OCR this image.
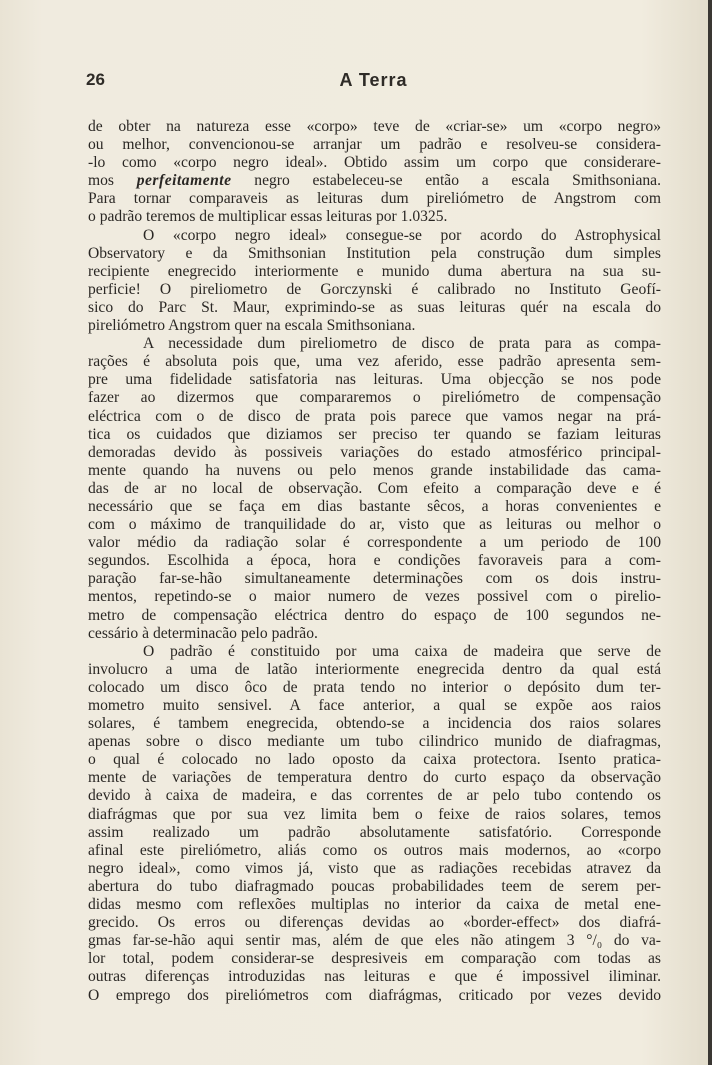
26	A Terra
de obter na natureza esse «corpo» teve de «criar-se» um «corpo negro»
ou melhor, convencionou-se arranjar um padrão e resolveu-se considera-
-lo como «corpo negro ideal». Obtido assim um corpo que considerare-
mos perfeitamente negro estabeleceu-se então a escala Smithsoniana.
Para tornar comparaveis as leituras dum pireliómetro de Angstrom com
o padrão teremos de multiplicar essas leituras por 1.0325.
O «corpo negro ideal» consegue-se por acordo do Astrophysical
Observatory e da Smithsonian Institution pela construção dum simples
recipiente enegrecido interiormente e munido duma abertura na sua su-
perficie! O pireliometro de Gorczynski é calibrado no Instituto Geofí-
sico do Parc St. Maur, exprimindo-se as suas leituras quér na escala do
pireliómetro Angstrom quer na escala Smithsoniana.
A necessidade dum pireliometro de disco de prata para as compa-
rações é absoluta pois que, uma vez aferido, esse padrão apresenta sem-
pre uma fidelidade satisfatoria nas leituras. Uma objecção se nos pode
fazer ao dizermos que compararemos o pireliómetro de compensação
eléctrica com o de disco de prata pois parece que vamos negar na prá-
tica os cuidados que diziamos ser preciso ter quando se faziam leituras
demoradas devido às possiveis variações do estado atmosférico principal-
mente quando ha nuvens ou pelo menos grande instabilidade das cama-
das de ar no local de observação. Com efeito a comparação deve e é
necessário que se faça em dias bastante sêcos, a horas convenientes e
com o máximo de tranquilidade do ar, visto que as leituras ou melhor o
valor médio da radiação solar é correspondente a um periodo de 100
segundos. Escolhida a época, hora e condições favoraveis para a com-
paração far-se-hão simultaneamente determinações com os dois instru-
mentos, repetindo-se o maior numero de vezes possivel com o pirelio-
metro de compensação eléctrica dentro do espaço de 100 segundos ne-
cessário à determinacão pelo padrão.
O padrão é constituido por uma caixa de madeira que serve de
involucro a uma de latão interiormente enegrecida dentro da qual está
colocado um disco ôco de prata tendo no interior o depósito dum ter-
mometro muito sensivel. A face anterior, a qual se expõe aos raios
solares, é tambem enegrecida, obtendo-se a incidencia dos raios solares
apenas sobre o disco mediante um tubo cilindrico munido de diafragmas,
o qual é colocado no lado oposto da caixa protectora. Isento pratica-
mente de variações de temperatura dentro do curto espaço da observação
devido à caixa de madeira, e das correntes de ar pelo tubo contendo os
diafrágmas que por sua vez limita bem o feixe de raios solares, temos
assim realizado um padrão absolutamente satisfatório. Corresponde
afinal este pireliómetro, aliás como os outros mais modernos, ao «corpo
negro ideal», como vimos já, visto que as radiações recebidas atravez da
abertura do tubo diafragmado poucas probabilidades teem de serem per-
didas mesmo com reflexões multiplas no interior da caixa de metal ene-
grecido. Os erros ou diferenças devidas ao «border-effect» dos diafrá-
gmas far-se-hão aqui sentir mas, além de que eles não atingem 3 °/₀ do va-
lor total, podem considerar-se despresiveis em comparação com todas as
outras diferenças introduzidas nas leituras e que é impossivel iliminar.
O emprego dos pireliómetros com diafrágmas, criticado por vezes devido
